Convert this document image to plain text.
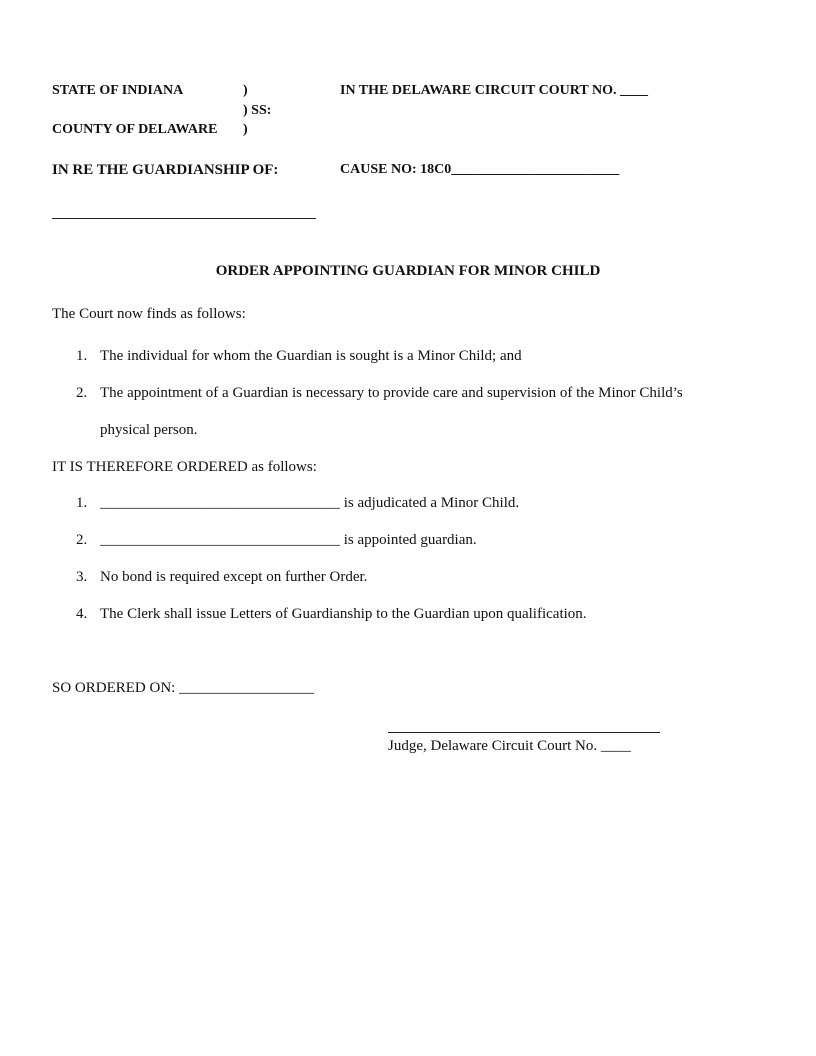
STATE OF INDIANA	)
) SS:
COUNTY OF DELAWARE )
IN THE DELAWARE CIRCUIT COURT NO. ____
IN RE THE GUARDIANSHIP OF:	CAUSE NO: 18C0________________________
ORDER APPOINTING GUARDIAN FOR MINOR CHILD
The Court now finds as follows:
1. The individual for whom the Guardian is sought is a Minor Child; and
2. The appointment of a Guardian is necessary to provide care and supervision of the Minor Child’s
physical person.
IT IS THEREFORE ORDERED as follows:
1. ________________________________ is adjudicated a Minor Child.
2. ________________________________ is appointed guardian.
3. No bond is required except on further Order.
4. The Clerk shall issue Letters of Guardianship to the Guardian upon qualification.
SO ORDERED ON: __________________
Judge, Delaware Circuit Court No. ____
